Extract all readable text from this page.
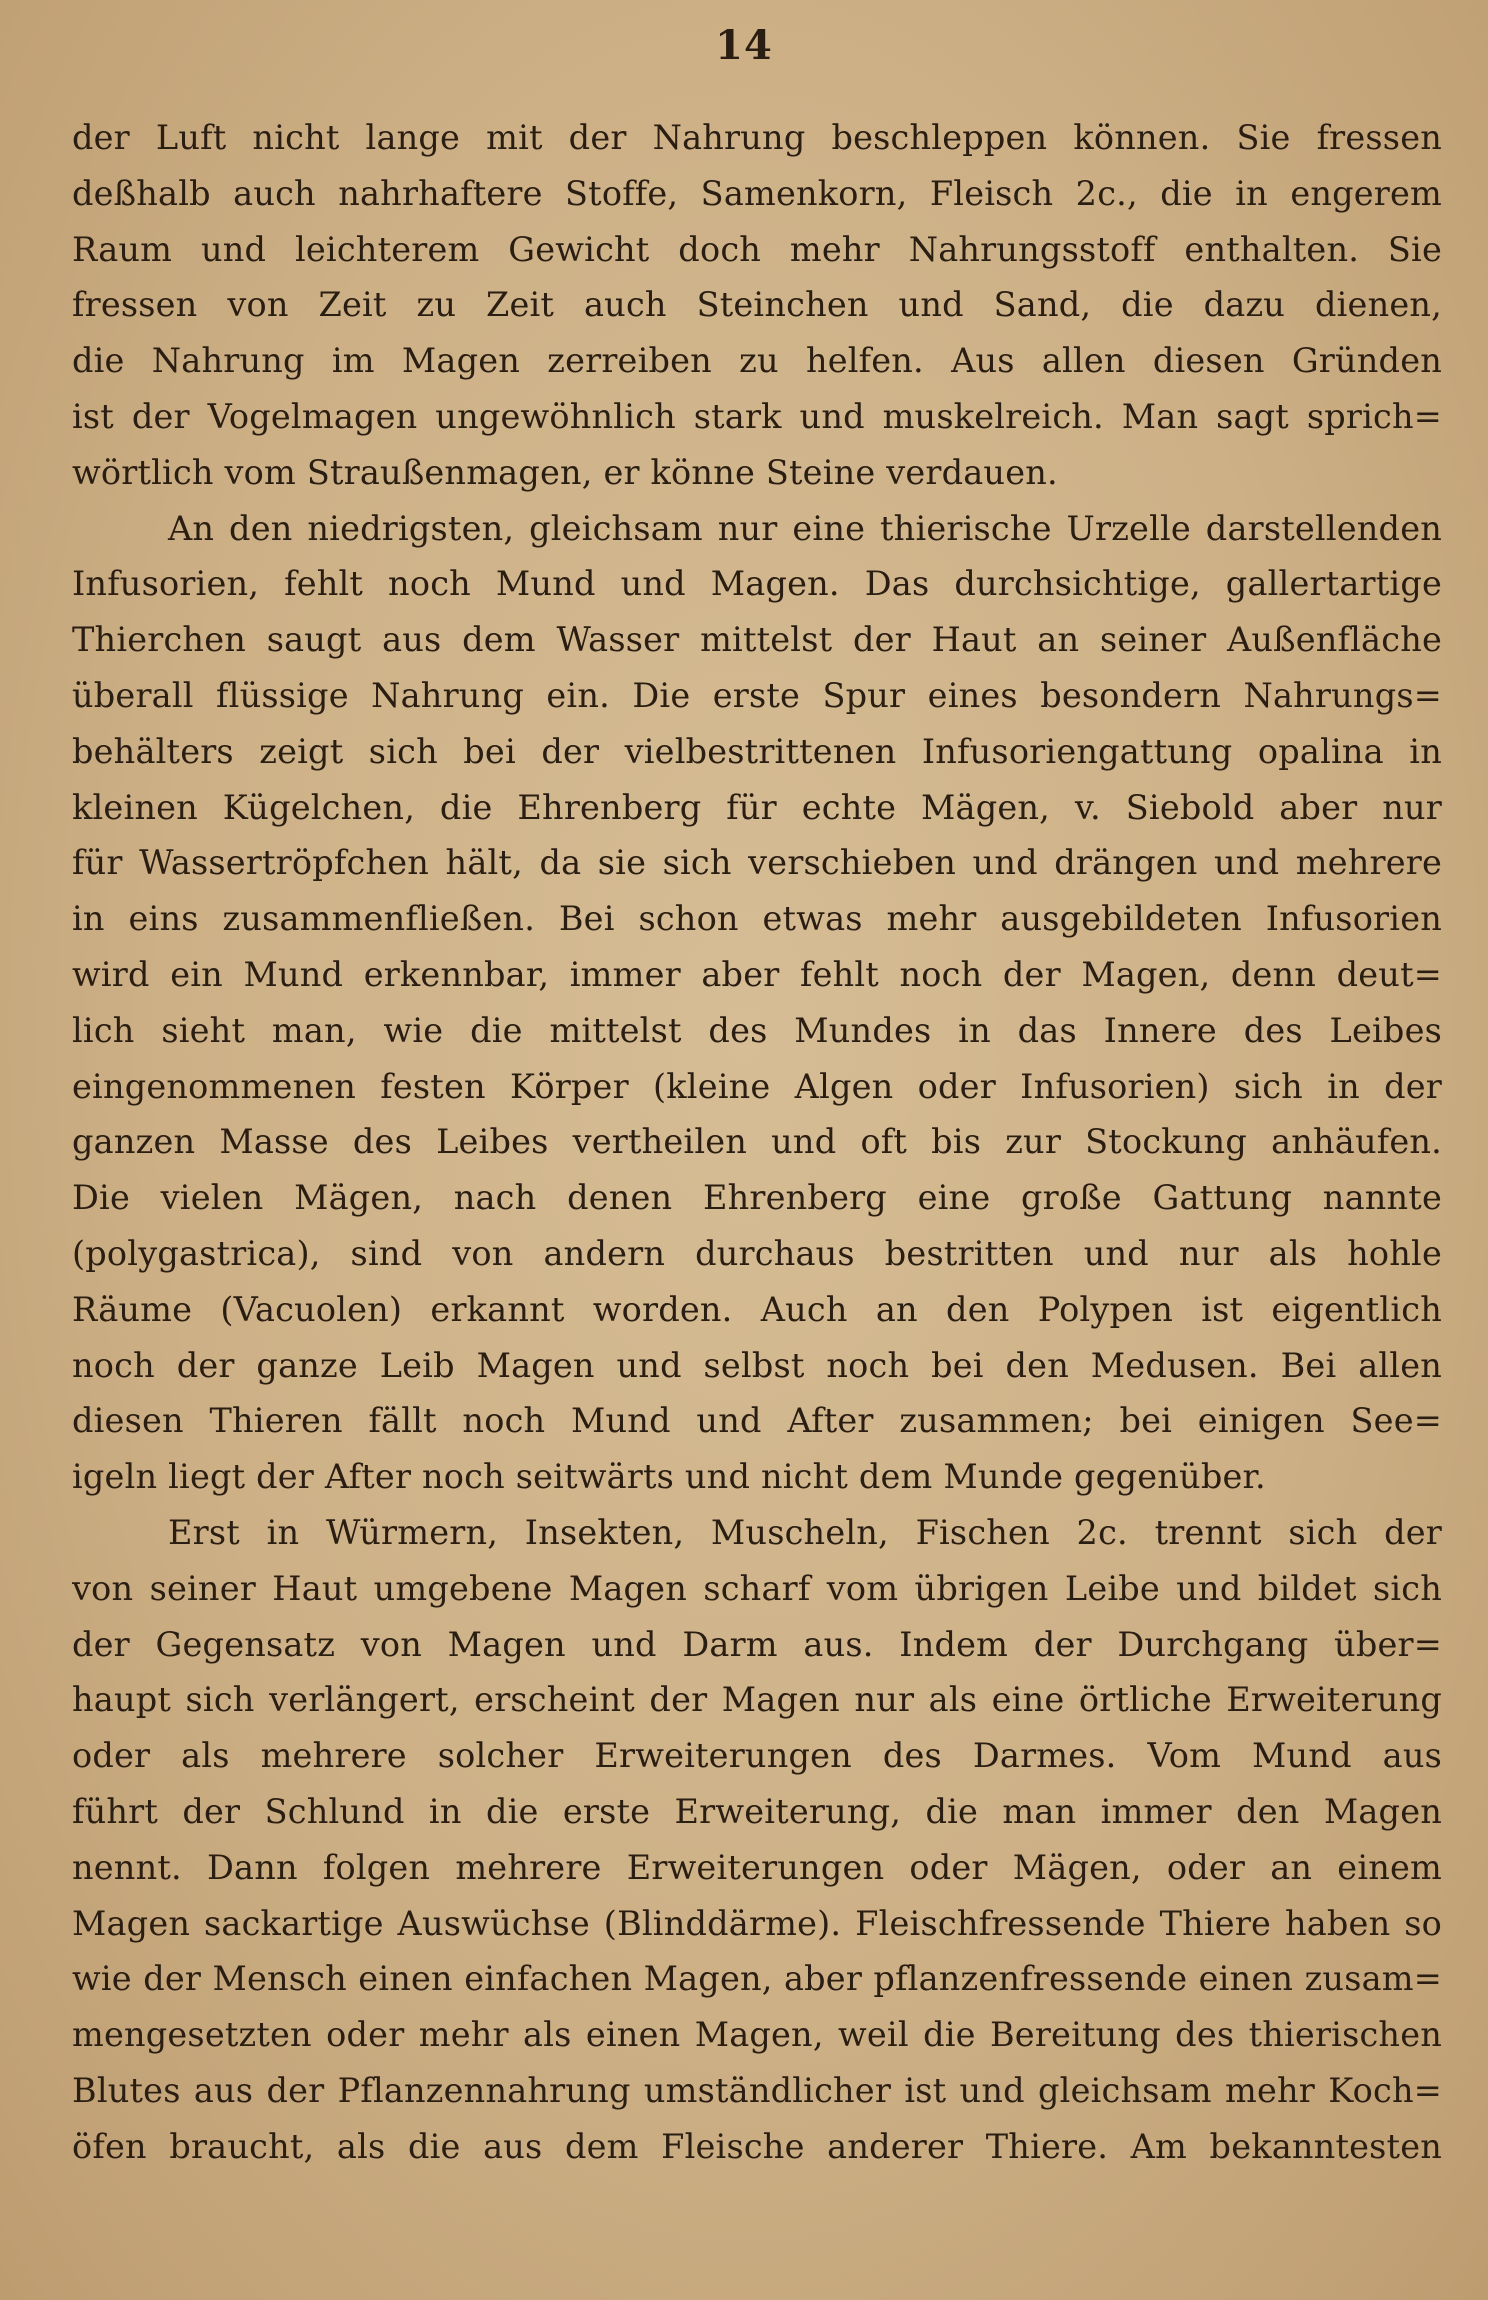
14
der Luft nicht lange mit der Nahrung beschleppen können. Sie fressen
deßhalb auch nahrhaftere Stoffe, Samenkorn, Fleisch 2c., die in engerem
Raum und leichterem Gewicht doch mehr Nahrungsstoff enthalten. Sie
fressen von Zeit zu Zeit auch Steinchen und Sand, die dazu dienen,
die Nahrung im Magen zerreiben zu helfen. Aus allen diesen Gründen
ist der Vogelmagen ungewöhnlich stark und muskelreich. Man sagt sprich=
wörtlich vom Straußenmagen, er könne Steine verdauen.
An den niedrigsten, gleichsam nur eine thierische Urzelle darstellenden
Infusorien, fehlt noch Mund und Magen. Das durchsichtige, gallertartige
Thierchen saugt aus dem Wasser mittelst der Haut an seiner Außenfläche
überall flüssige Nahrung ein. Die erste Spur eines besondern Nahrungs=
behälters zeigt sich bei der vielbestrittenen Infusoriengattung opalina in
kleinen Kügelchen, die Ehrenberg für echte Mägen, v. Siebold aber nur
für Wassertröpfchen hält, da sie sich verschieben und drängen und mehrere
in eins zusammenfließen. Bei schon etwas mehr ausgebildeten Infusorien
wird ein Mund erkennbar, immer aber fehlt noch der Magen, denn deut=
lich sieht man, wie die mittelst des Mundes in das Innere des Leibes
eingenommenen festen Körper (kleine Algen oder Infusorien) sich in der
ganzen Masse des Leibes vertheilen und oft bis zur Stockung anhäufen.
Die vielen Mägen, nach denen Ehrenberg eine große Gattung nannte
(polygastrica), sind von andern durchaus bestritten und nur als hohle
Räume (Vacuolen) erkannt worden. Auch an den Polypen ist eigentlich
noch der ganze Leib Magen und selbst noch bei den Medusen. Bei allen
diesen Thieren fällt noch Mund und After zusammen; bei einigen See=
igeln liegt der After noch seitwärts und nicht dem Munde gegenüber.
Erst in Würmern, Insekten, Muscheln, Fischen 2c. trennt sich der
von seiner Haut umgebene Magen scharf vom übrigen Leibe und bildet sich
der Gegensatz von Magen und Darm aus. Indem der Durchgang über=
haupt sich verlängert, erscheint der Magen nur als eine örtliche Erweiterung
oder als mehrere solcher Erweiterungen des Darmes. Vom Mund aus
führt der Schlund in die erste Erweiterung, die man immer den Magen
nennt. Dann folgen mehrere Erweiterungen oder Mägen, oder an einem
Magen sackartige Auswüchse (Blinddärme). Fleischfressende Thiere haben so
wie der Mensch einen einfachen Magen, aber pflanzenfressende einen zusam=
mengesetzten oder mehr als einen Magen, weil die Bereitung des thierischen
Blutes aus der Pflanzennahrung umständlicher ist und gleichsam mehr Koch=
öfen braucht, als die aus dem Fleische anderer Thiere. Am bekanntesten
